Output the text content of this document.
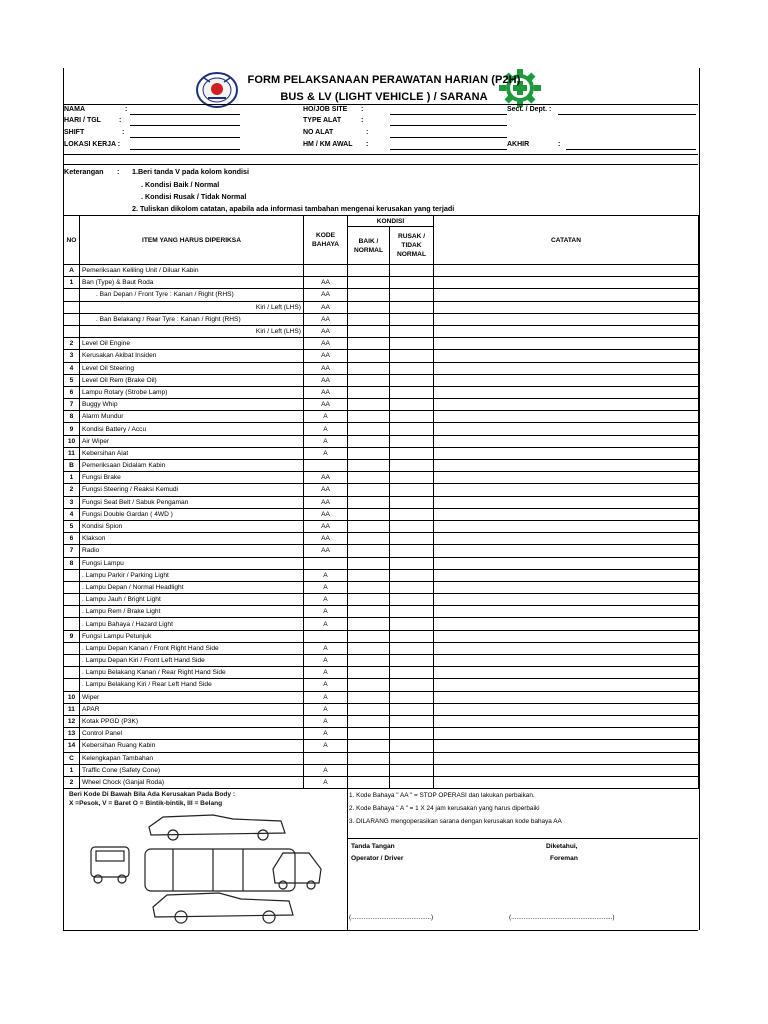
• • •	FORM PELAKSANAAN PERAWATAN HARIAN (P2H)
BUS & LV (LIGHT VEHICLE ) / SARANA
NAMA	:
HARI / TGL	:
SHIFT	:
LOKASI KERJA :
HO/JOB SITE :
TYPE ALAT	:
NO ALAT	:
HM / KM AWAL :
Sect. / Dept. :
AKHIR	:
Keterangan : 1.Beri tanda V pada kolom kondisi
. Kondisi Baik / Normal
. Kondisi Rusak / Tidak Normal
2. Tuliskan dikolom catatan, apabila ada informasi tambahan mengenai kerusakan yang terjadi
NO	ITEM YANG HARUS DIPERIKSA	KODE BAHAYA	KONDISI		CATATAN
			BAIK / NORMAL	RUSAK / TIDAK NORMAL	
A	Pemeriksaan Keliling Unit / Diluar Kabin				
1	Ban (Type) & Baut Roda	AA			
	. Ban Depan / Front Tyre : Kanan / Right (RHS)	AA			
	Kiri / Left (LHS)	AA			
	. Ban Belakang / Rear Tyre : Kanan / Right (RHS)	AA			
	Kiri / Left (LHS)	AA			
2	Level Oil Engine	AA			
3	Kerusakan Akibat Insiden	AA			
4	Level Oil Steering	AA			
5	Level Oil Rem (Brake Oil)	AA			
6	Lampu Rotary (Strobe Lamp)	AA			
7	Buggy Whip	AA			
8	Alarm Mundur	A			
9	Kondisi Battery / Accu	A			
10	Air Wiper	A			
11	Kebersihan Alat	A			
B	Pemeriksaan Didalam Kabin				
1	Fungsi Brake	AA			
2	Fungsi Steering / Reaksi Kemudi	AA			
3	Fungsi Seat Belt / Sabuk Pengaman	AA			
4	Fungsi Double Gardan ( 4WD )	AA			
5	Kondisi Spion	AA			
6	Klakson	AA			
7	Radio	AA			
8	Fungsi Lampu				
	. Lampu Parkir / Parking Light	A			
	. Lampu Depan / Normal Headlight	A			
	. Lampu Jauh / Bright Light	A			
	. Lampu Rem / Brake Light	A			
	. Lampu Bahaya / Hazard Light	A			
9	Fungsi Lampu Petunjuk				
	. Lampu Depan Kanan / Front Right Hand Side	A			
	. Lampu Depan Kiri / Front Left Hand Side	A			
	. Lampu Belakang Kanan / Rear Right Hand Side	A			
	. Lampu Belakang Kiri / Rear Left Hand Side	A			
10	Wiper	A			
11	APAR	A			
12	Kotak PPGD (P3K)	A			
13	Control Panel	A			
14	Kebersihan Ruang Kabin	A			
C	Kelengkapan Tambahan				
1	Traffic Cone (Safety Cone)	A			
2	Wheel Chock (Ganjal Roda)	A			
Beri Kode Di Bawah Bila Ada Kerusakan Pada Body :
X =Pesok, V = Baret O = Bintik-bintik, III = Belang
1. Kode Bahaya " AA " = STOP OPERASI dan lakukan perbaikan.
2. Kode Bahaya " A " = 1 X 24 jam kerusakan yang harus diperbaiki
3. DILARANG mengoperasikan sarana dengan kerusakan kode bahaya AA
Tanda Tangan
Operator / Driver
Diketahui,
Foreman
(.............................................)	(.........................................................)
